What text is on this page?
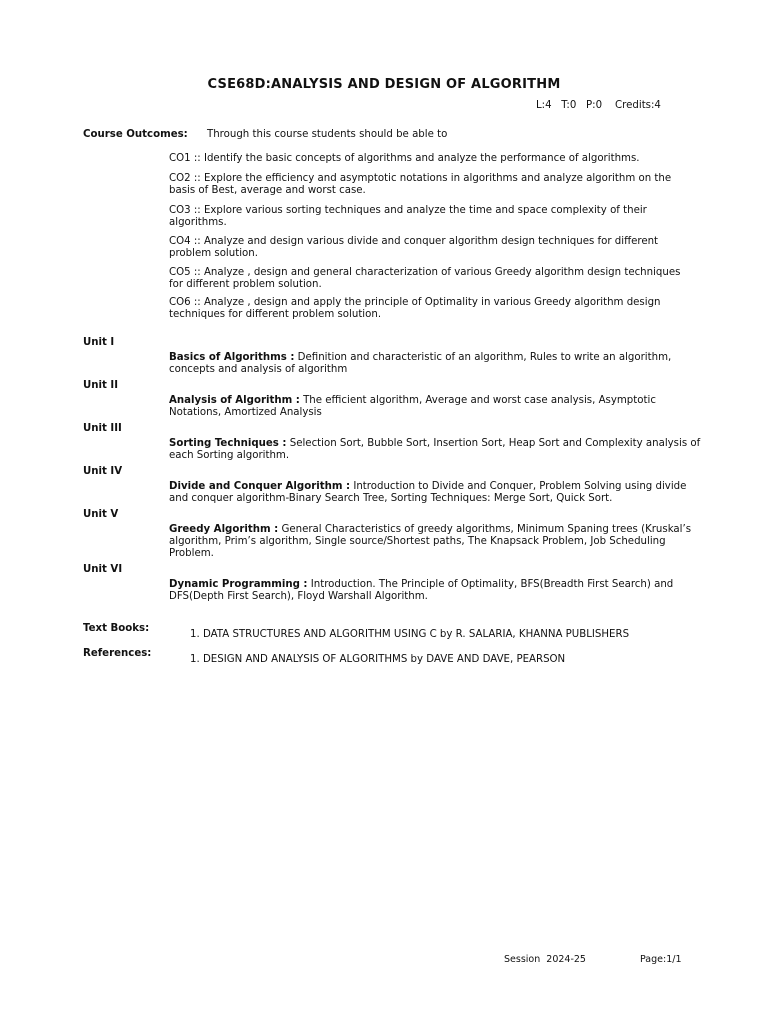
CSE68D:ANALYSIS AND DESIGN OF ALGORITHM
L:4   T:0   P:0    Credits:4
Course Outcomes: Through this course students should be able to
CO1 :: Identify the basic concepts of algorithms and analyze the performance of algorithms.
CO2 :: Explore the efficiency and asymptotic notations in algorithms and analyze algorithm on the basis of Best, average and worst case.
CO3 :: Explore various sorting techniques and analyze the time and space complexity of their algorithms.
CO4 :: Analyze and design various divide and conquer algorithm design techniques for different problem solution.
CO5 :: Analyze , design and general characterization of various Greedy algorithm design techniques for different problem solution.
CO6 :: Analyze , design and apply the principle of Optimality in various Greedy algorithm design techniques for different problem solution.
Unit I
Basics of Algorithms : Definition and characteristic of an algorithm, Rules to write an algorithm, concepts and analysis of algorithm
Unit II
Analysis of Algorithm : The efficient algorithm, Average and worst case analysis, Asymptotic Notations, Amortized Analysis
Unit III
Sorting Techniques : Selection Sort, Bubble Sort, Insertion Sort, Heap Sort and Complexity analysis of each Sorting algorithm.
Unit IV
Divide and Conquer Algorithm : Introduction to Divide and Conquer, Problem Solving using divide and conquer algorithm-Binary Search Tree, Sorting Techniques: Merge Sort, Quick Sort.
Unit V
Greedy Algorithm : General Characteristics of greedy algorithms, Minimum Spaning trees (Kruskal’s algorithm, Prim’s algorithm, Single source/Shortest paths, The Knapsack Problem, Job Scheduling Problem.
Unit VI
Dynamic Programming : Introduction. The Principle of Optimality, BFS(Breadth First Search) and DFS(Depth First Search), Floyd Warshall Algorithm.
Text Books:
1. DATA STRUCTURES AND ALGORITHM USING C by R. SALARIA, KHANNA PUBLISHERS
References:
1. DESIGN AND ANALYSIS OF ALGORITHMS by DAVE AND DAVE, PEARSON
Session  2024-25	Page:1/1
